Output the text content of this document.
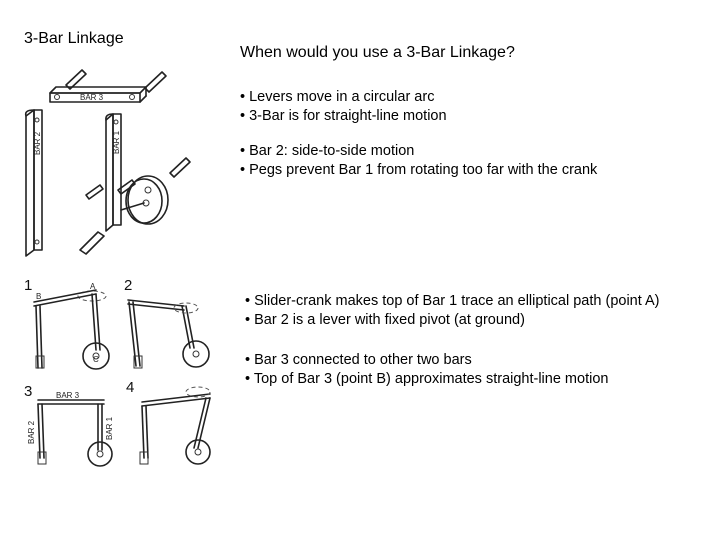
3-Bar Linkage
When would you use a 3-Bar Linkage?
• Levers move in a circular arc
• 3-Bar is for straight-line motion
• Bar 2: side-to-side motion
• Pegs prevent Bar 1 from rotating too far with the crank
• Slider-crank makes top of Bar 1 trace an elliptical path (point A)
• Bar 2 is a lever with fixed pivot (at ground)
• Bar 3 connected to other two bars
• Top of Bar 3 (point B) approximates straight-line motion
BAR 3
BAR 2	BAR 1
1
B
A
C
2
3	BAR 3
BAR 2	BAR 1
4
